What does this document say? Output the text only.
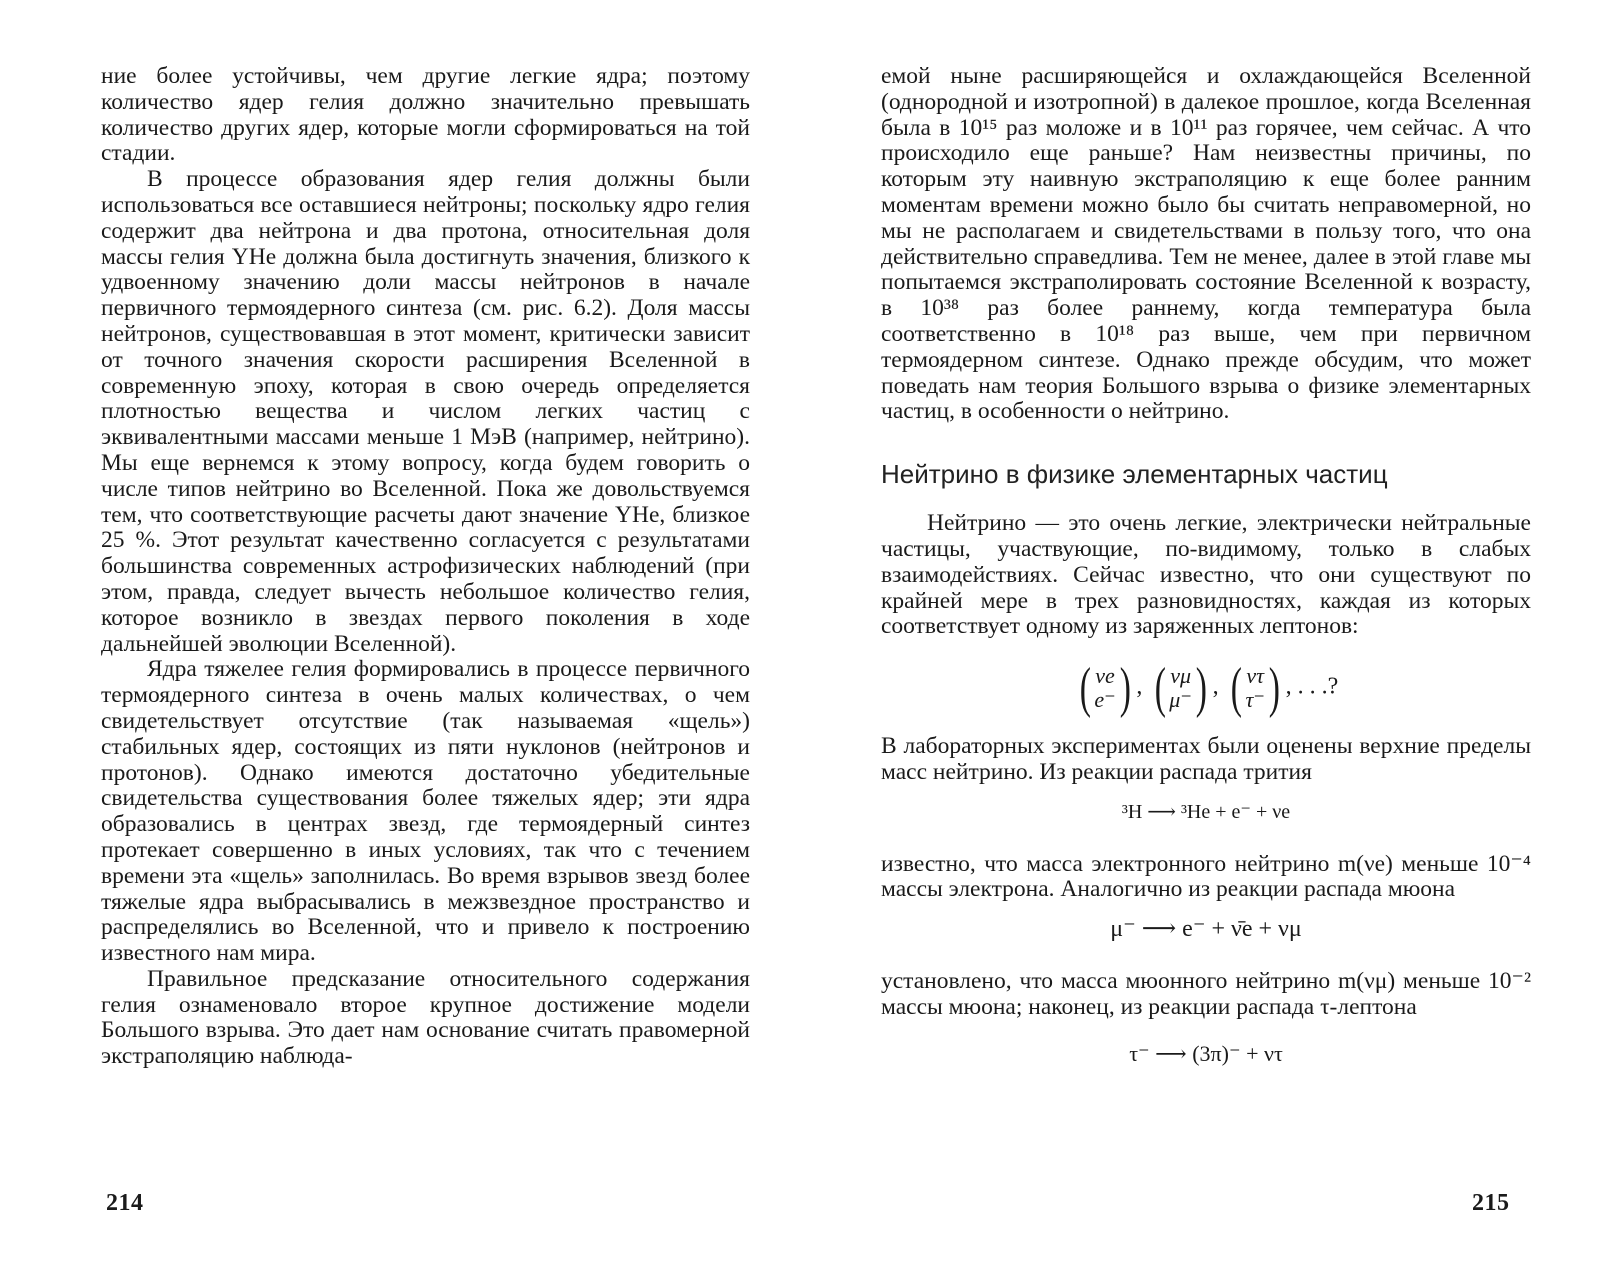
ние более устойчивы, чем другие легкие ядра; поэтому количество ядер гелия должно значительно превышать количество других ядер, которые могли сформироваться на той стадии.

В процессе образования ядер гелия должны были использоваться все оставшиеся нейтроны; поскольку ядро гелия содержит два нейтрона и два протона, относительная доля массы гелия YHe должна была достигнуть значения, близкого к удвоенному значению доли массы нейтронов в начале первичного термоядерного синтеза (см. рис. 6.2). Доля массы нейтронов, существовавшая в этот момент, критически зависит от точного значения скорости расширения Вселенной в современную эпоху, которая в свою очередь определяется плотностью вещества и числом легких частиц с эквивалентными массами меньше 1 МэВ (например, нейтрино). Мы еще вернемся к этому вопросу, когда будем говорить о числе типов нейтрино во Вселенной. Пока же довольствуемся тем, что соответствующие расчеты дают значение YHe, близкое 25 %. Этот результат качественно согласуется с результатами большинства современных астрофизических наблюдений (при этом, правда, следует вычесть небольшое количество гелия, которое возникло в звездах первого поколения в ходе дальнейшей эволюции Вселенной).

Ядра тяжелее гелия формировались в процессе первичного термоядерного синтеза в очень малых количествах, о чем свидетельствует отсутствие (так называемая «щель») стабильных ядер, состоящих из пяти нуклонов (нейтронов и протонов). Однако имеются достаточно убедительные свидетельства существования более тяжелых ядер; эти ядра образовались в центрах звезд, где термоядерный синтез протекает совершенно в иных условиях, так что с течением времени эта «щель» заполнилась. Во время взрывов звезд более тяжелые ядра выбрасывались в межзвездное пространство и распределялись во Вселенной, что и привело к построению известного нам мира.

Правильное предсказание относительного содержания гелия ознаменовало второе крупное достижение модели Большого взрыва. Это дает нам основание считать правомерной экстраполяцию наблюда-

214

емой ныне расширяющейся и охлаждающейся Вселенной (однородной и изотропной) в далекое прошлое, когда Вселенная была в 10¹⁵ раз моложе и в 10¹¹ раз горячее, чем сейчас. А что происходило еще раньше? Нам неизвестны причины, по которым эту наивную экстраполяцию к еще более ранним моментам времени можно было бы считать неправомерной, но мы не располагаем и свидетельствами в пользу того, что она действительно справедлива. Тем не менее, далее в этой главе мы попытаемся экстраполировать состояние Вселенной к возрасту, в 10³⁸ раз более раннему, когда температура была соответственно в 10¹⁸ раз выше, чем при первичном термоядерном синтезе. Однако прежде обсудим, что может поведать нам теория Большого взрыва о физике элементарных частиц, в особенности о нейтрино.

Нейтрино в физике элементарных частиц

Нейтрино — это очень легкие, электрически нейтральные частицы, участвующие, по-видимому, только в слабых взаимодействиях. Сейчас известно, что они существуют по крайней мере в трех разновидностях, каждая из которых соответствует одному из заряженных лептонов:

( νe
e⁻ ) , ( νμ
μ⁻ ) , ( ντ
τ⁻ ) , . . .?

В лабораторных экспериментах были оценены верхние пределы масс нейтрино. Из реакции распада трития

³H ⟶ ³He + e⁻ + νe

известно, что масса электронного нейтрино m(νe) меньше 10⁻⁴ массы электрона. Аналогично из реакции распада мюона

μ⁻ ⟶ e⁻ + ν̄e + νμ

установлено, что масса мюонного нейтрино m(νμ) меньше 10⁻² массы мюона; наконец, из реакции распада τ-лептона

τ⁻ ⟶ (3π)⁻ + ντ
215
